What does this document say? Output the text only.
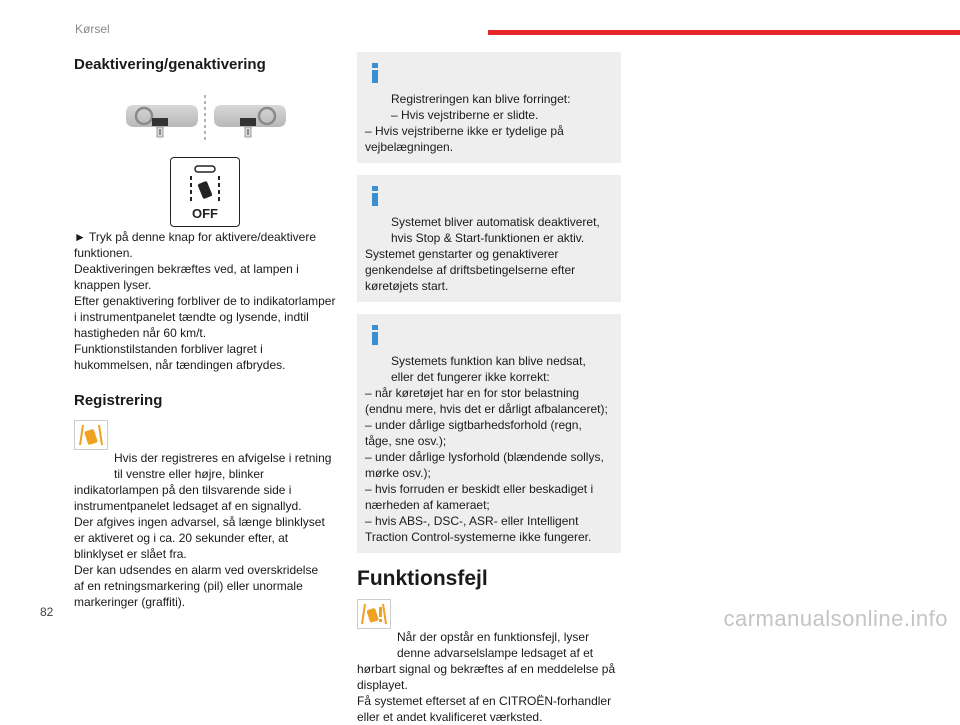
Kørsel
Deaktivering/genaktivering
OFF
► Tryk på denne knap for aktivere/deaktivere
funktionen.
Deaktiveringen bekræftes ved, at lampen i
knappen lyser.
Efter genaktivering forbliver de to indikatorlamper
i instrumentpanelet tændte og lysende, indtil
hastigheden når 60 km/t.
Funktionstilstanden forbliver lagret i
hukommelsen, når tændingen afbrydes.
Registrering

Hvis der registreres en afvigelse i retning
til venstre eller højre, blinker

indikatorlampen på den tilsvarende side i
instrumentpanelet ledsaget af en signallyd.
Der afgives ingen advarsel, så længe blinklyset
er aktiveret og i ca. 20 sekunder efter, at
blinklyset er slået fra.
Der kan udsendes en alarm ved overskridelse
af en retningsmarkering (pil) eller unormale
markeringer (graffiti).

Registreringen kan blive forringet:
– Hvis vejstriberne er slidte.

– Hvis vejstriberne ikke er tydelige på
vejbelægningen.

Systemet bliver automatisk deaktiveret,
hvis Stop & Start-funktionen er aktiv.

Systemet genstarter og genaktiverer
genkendelse af driftsbetingelserne efter
køretøjets start.

Systemets funktion kan blive nedsat,
eller det fungerer ikke korrekt:

– når køretøjet har en for stor belastning
(endnu mere, hvis det er dårligt afbalanceret);
– under dårlige sigtbarhedsforhold (regn,
tåge, sne osv.);
– under dårlige lysforhold (blændende sollys,
mørke osv.);
– hvis forruden er beskidt eller beskadiget i
nærheden af kameraet;
– hvis ABS-, DSC-, ASR- eller Intelligent
Traction Control-systemerne ikke fungerer.
Funktionsfejl

Når der opstår en funktionsfejl, lyser
denne advarselslampe ledsaget af et

hørbart signal og bekræftes af en meddelelse på
displayet.
Få systemet efterset af en CITROËN-forhandler
eller et andet kvalificeret værksted.
82	carmanualsonline.info
